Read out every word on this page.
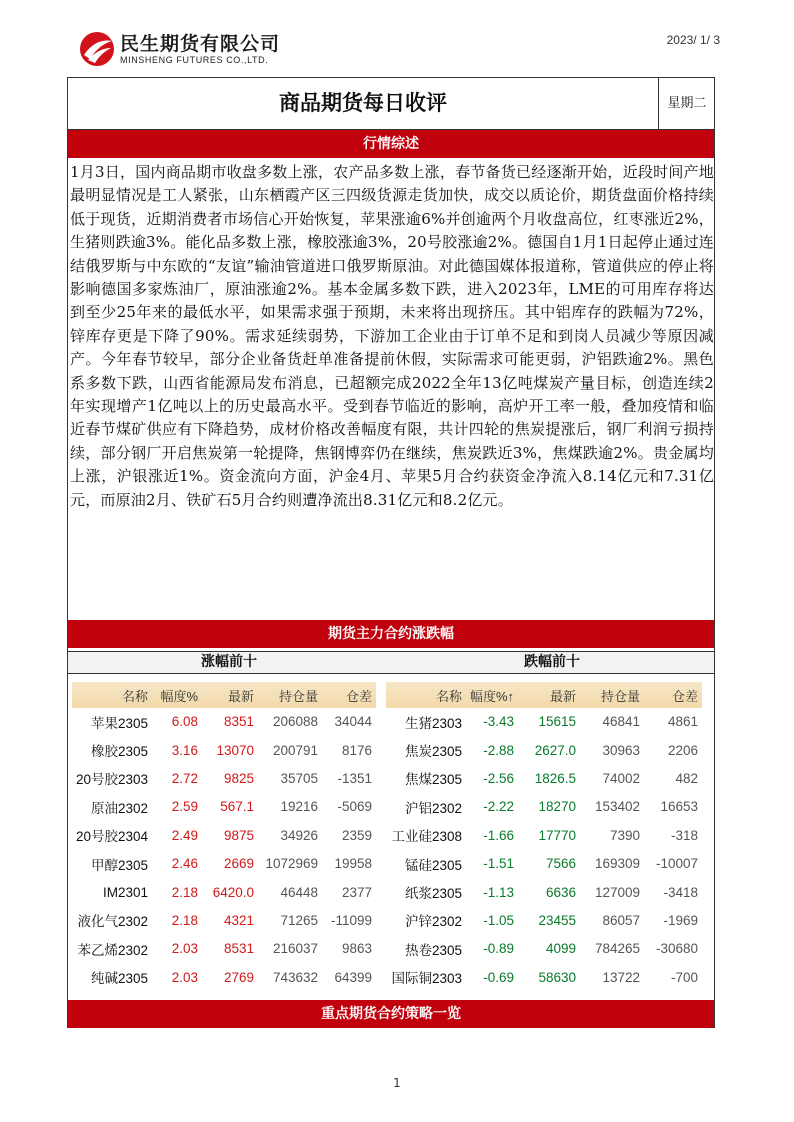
民生期货有限公司
MINSHENG FUTURES CO.,LTD.
2023/ 1/ 3
商品期货每日收评	星期二
行情综述
1月3日，国内商品期市收盘多数上涨，农产品多数上涨，春节备货已经逐渐开始，近段时间产地最明显情况是工人紧张，山东栖霞产区三四级货源走货加快，成交以质论价，期货盘面价格持续低于现货，近期消费者市场信心开始恢复，苹果涨逾6%并创逾两个月收盘高位，红枣涨近2%，生猪则跌逾3%。能化品多数上涨，橡胶涨逾3%，20号胶涨逾2%。德国自1月1日起停止通过连结俄罗斯与中东欧的“友谊”输油管道进口俄罗斯原油。对此德国媒体报道称，管道供应的停止将影响德国多家炼油厂，原油涨逾2%。基本金属多数下跌，进入2023年，LME的可用库存将达到至少25年来的最低水平，如果需求强于预期，未来将出现挤压。其中铝库存的跌幅为72%，锌库存更是下降了90%。需求延续弱势，下游加工企业由于订单不足和到岗人员减少等原因减产。今年春节较早，部分企业备货赶单准备提前休假，实际需求可能更弱，沪铝跌逾2%。黑色系多数下跌，山西省能源局发布消息，已超额完成2022全年13亿吨煤炭产量目标，创造连续2年实现增产1亿吨以上的历史最高水平。受到春节临近的影响，高炉开工率一般，叠加疫情和临近春节煤矿供应有下降趋势，成材价格改善幅度有限，共计四轮的焦炭提涨后，钢厂利润亏损持续，部分钢厂开启焦炭第一轮提降，焦钢博弈仍在继续，焦炭跌近3%，焦煤跌逾2%。贵金属均上涨，沪银涨近1%。资金流向方面，沪金4月、苹果5月合约获资金净流入8.14亿元和7.31亿元，而原油2月、铁矿石5月合约则遭净流出8.31亿元和8.2亿元。
期货主力合约涨跌幅
涨幅前十	跌幅前十
名称 幅度%	最新	持仓量	仓差
苹果2305	6.08	8351	206088	34044
橡胶2305	3.16	13070	200791	8176
20号胶2303	2.72	9825	35705	-1351
原油2302	2.59	567.1	19216	-5069
20号胶2304	2.49	9875	34926	2359
甲醇2305	2.46	2669 1072969	19958
IM2301	2.18	6420.0	46448	2377
液化气2302	2.18	4321	71265 -11099
苯乙烯2302	2.03	8531	216037	9863
纯碱2305	2.03	2769	743632	64399
名称 幅度%↑	最新	持仓量	仓差
生猪2303	-3.43	15615	46841	4861
焦炭2305	-2.88	2627.0	30963	2206
焦煤2305	-2.56	1826.5	74002	482
沪铝2302	-2.22	18270	153402	16653
工业硅2308	-1.66	17770	7390	-318
锰硅2305	-1.51	7566	169309	-10007
纸浆2305	-1.13	6636	127009	-3418
沪锌2302	-1.05	23455	86057	-1969
热卷2305	-0.89	4099	784265	-30680
国际铜2303	-0.69	58630	13722	-700
重点期货合约策略一览
1
